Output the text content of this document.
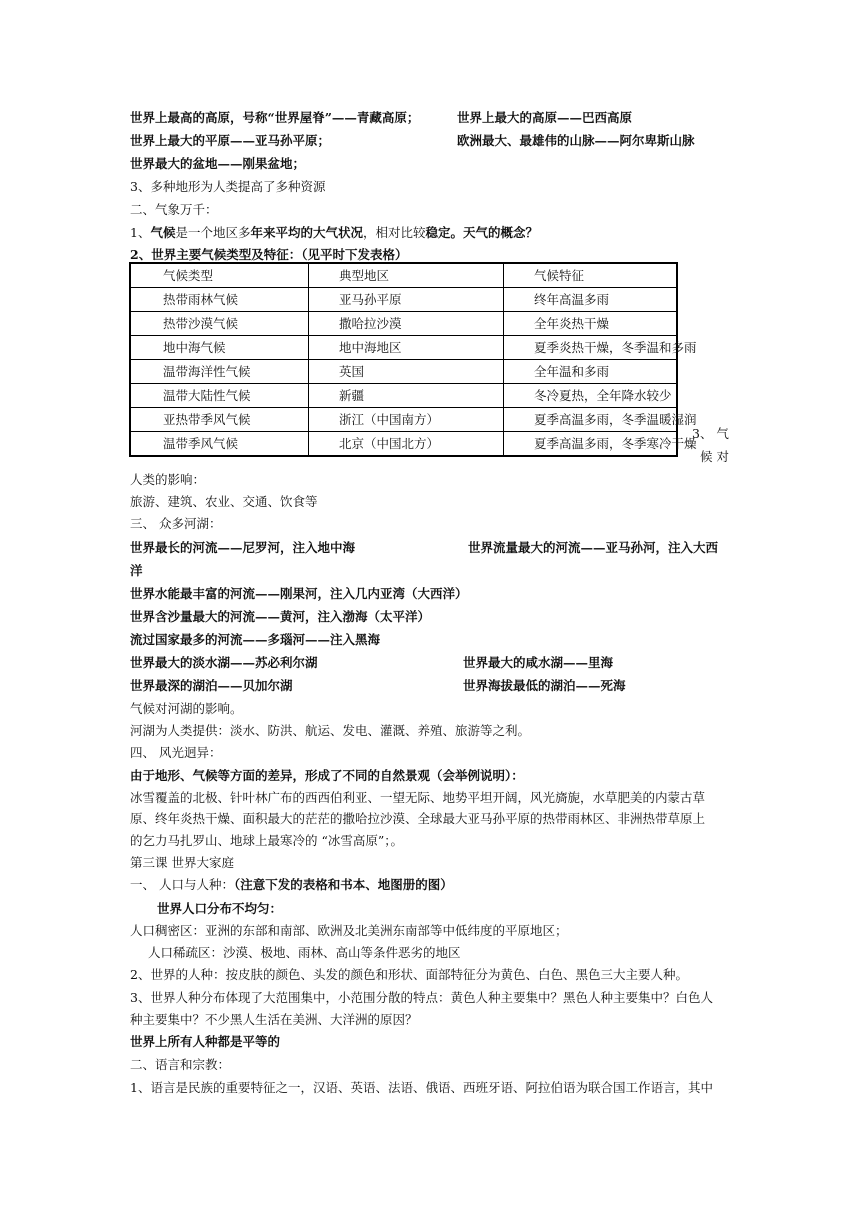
世界上最高的高原，号称“世界屋脊”——青藏高原；	世界上最大的高原——巴西高原
世界上最大的平原——亚马孙平原；	欧洲最大、最雄伟的山脉——阿尔卑斯山脉
世界最大的盆地——刚果盆地；
3、多种地形为人类提高了多种资源
二、气象万千：
1、气候是一个地区多年来平均的大气状况，相对比较稳定。天气的概念？
2、世界主要气候类型及特征：（见平时下发表格）
气候类型	典型地区	气候特征
热带雨林气候	亚马孙平原	终年高温多雨
热带沙漠气候	撒哈拉沙漠	全年炎热干燥
地中海气候	地中海地区	夏季炎热干燥，冬季温和多雨
温带海洋性气候	英国	全年温和多雨
温带大陆性气候	新疆	冬冷夏热，全年降水较少
亚热带季风气候	浙江（中国南方）	夏季高温多雨，冬季温暖湿润
温带季风气候	北京（中国北方）	夏季高温多雨，冬季寒冷干燥
3、 气
候 对
人类的影响：
旅游、建筑、农业、交通、饮食等
三、 众多河湖：
世界最长的河流——尼罗河，注入地中海	世界流量最大的河流——亚马孙河，注入大西
洋
世界水能最丰富的河流——刚果河，注入几内亚湾（大西洋）
世界含沙量最大的河流——黄河，注入渤海（太平洋）
流过国家最多的河流——多瑙河——注入黑海
世界最大的淡水湖——苏必利尔湖	世界最大的咸水湖——里海
世界最深的湖泊——贝加尔湖	世界海拔最低的湖泊——死海
气候对河湖的影响。
河湖为人类提供：淡水、防洪、航运、发电、灌溉、养殖、旅游等之利。
四、 风光迥异：
由于地形、气候等方面的差异，形成了不同的自然景观（会举例说明）：
冰雪覆盖的北极、针叶林广布的西西伯利亚、一望无际、地势平坦开阔，风光旖旎，水草肥美的内蒙古草
原、终年炎热干燥、面积最大的茫茫的撒哈拉沙漠、全球最大亚马孙平原的热带雨林区、非洲热带草原上
的乞力马扎罗山、地球上最寒冷的 “冰雪高原”；。
第三课 世界大家庭
一、 人口与人种：（注意下发的表格和书本、地图册的图）
世界人口分布不均匀：
人口稠密区：亚洲的东部和南部、欧洲及北美洲东南部等中低纬度的平原地区；
人口稀疏区：沙漠、极地、雨林、高山等条件恶劣的地区
2、世界的人种：按皮肤的颜色、头发的颜色和形状、面部特征分为黄色、白色、黑色三大主要人种。
3、世界人种分布体现了大范围集中，小范围分散的特点：黄色人种主要集中？黑色人种主要集中？白色人
种主要集中？不少黑人生活在美洲、大洋洲的原因？
世界上所有人种都是平等的
二、语言和宗教：
1、语言是民族的重要特征之一，汉语、英语、法语、俄语、西班牙语、阿拉伯语为联合国工作语言，其中
